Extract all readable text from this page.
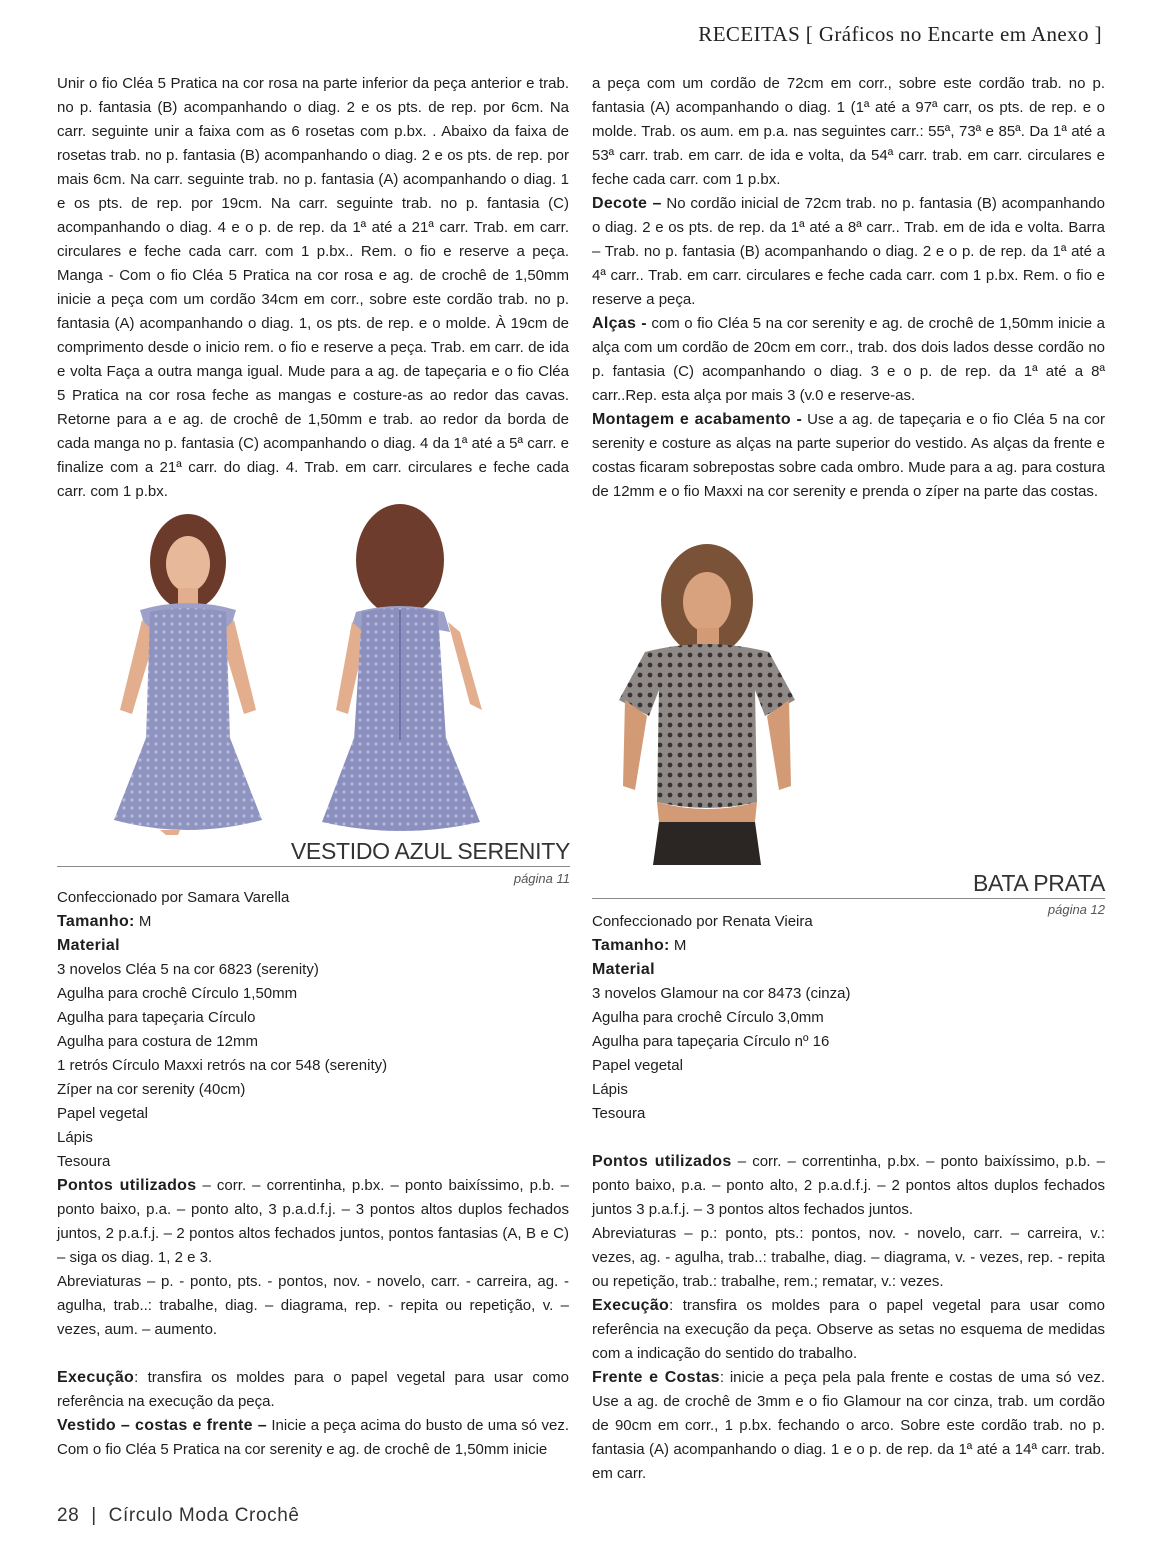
RECEITAS [ Gráficos no Encarte em Anexo ]

Unir o fio Cléa 5 Pratica na cor rosa na parte inferior da peça anterior e trab. no p. fantasia (B) acompanhando o diag. 2 e os pts. de rep. por 6cm. Na carr. seguinte unir a faixa com as 6 rosetas com p.bx. . Abaixo da faixa de rosetas trab. no p. fantasia (B) acompanhando o diag. 2 e os pts. de rep. por mais 6cm. Na carr. seguinte trab. no p. fantasia (A) acompanhando o diag. 1 e os pts. de rep. por 19cm. Na carr. seguinte trab. no p. fantasia (C) acompanhando o diag. 4 e o p. de rep. da 1ª até a 21ª carr. Trab. em carr. circulares e feche cada carr. com 1 p.bx.. Rem. o fio e reserve a peça. Manga - Com o fio Cléa 5 Pratica na cor rosa e ag. de crochê de 1,50mm inicie a peça com um cordão 34cm em corr., sobre este cordão trab. no p. fantasia (A) acompanhando o diag. 1, os pts. de rep. e o molde. À 19cm de comprimento desde o inicio rem. o fio e reserve a peça. Trab. em carr. de ida e volta Faça a outra manga igual. Mude para a ag. de tapeçaria e o fio Cléa 5 Pratica na cor rosa feche as mangas e costure-as ao redor das cavas. Retorne para a e ag. de crochê de 1,50mm e trab. ao redor da borda de cada manga no p. fantasia (C) acompanhando o diag. 4 da 1ª até a 5ª carr. e finalize com a 21ª carr. do diag. 4. Trab. em carr. circulares e feche cada carr. com 1 p.bx.

a peça com um cordão de 72cm em corr., sobre este cordão trab. no p. fantasia (A) acompanhando o diag. 1 (1ª até a 97ª carr, os pts. de rep. e o molde. Trab. os aum. em p.a. nas seguintes carr.: 55ª, 73ª e 85ª. Da 1ª até a 53ª carr. trab. em carr. de ida e volta, da 54ª carr. trab. em carr. circulares e feche cada carr. com 1 p.bx.

Decote – No cordão inicial de 72cm trab. no p. fantasia (B) acompanhando o diag. 2 e os pts. de rep. da 1ª até a 8ª carr.. Trab. em de ida e volta. Barra – Trab. no p. fantasia (B) acompanhando o diag. 2 e o p. de rep. da 1ª até a 4ª carr.. Trab. em carr. circulares e feche cada carr. com 1 p.bx. Rem. o fio e reserve a peça.

Alças - com o fio Cléa 5 na cor serenity e ag. de crochê de 1,50mm inicie a alça com um cordão de 20cm em corr., trab. dos dois lados desse cordão no p. fantasia (C) acompanhando o diag. 3 e o p. de rep. da 1ª até a 8ª carr..Rep. esta alça por mais 3 (v.0 e reserve-as.

Montagem e acabamento - Use a ag. de tapeçaria e o fio Cléa 5 na cor serenity e costure as alças na parte superior do vestido. As alças da frente e costas ficaram sobrepostas sobre cada ombro. Mude para a ag. para costura de 12mm e o fio Maxxi na cor serenity e prenda o zíper na parte das costas.

VESTIDO AZUL SERENITY
página 11	BATA PRATA
página 12

Confeccionado por Samara Varella

Tamanho: M

Material

3 novelos Cléa 5 na cor 6823 (serenity)

Agulha para crochê Círculo 1,50mm

Agulha para tapeçaria Círculo

Agulha para costura de 12mm

1 retrós Círculo Maxxi retrós na cor 548 (serenity)

Zíper na cor serenity (40cm)

Papel vegetal

Lápis

Tesoura

Pontos utilizados – corr. – correntinha, p.bx. – ponto baixíssimo, p.b. – ponto baixo, p.a. – ponto alto, 3 p.a.d.f.j. – 3 pontos altos duplos fechados juntos, 2 p.a.f.j. – 2 pontos altos fechados juntos, pontos fantasias (A, B e C) – siga os diag. 1, 2 e 3.

Abreviaturas – p. - ponto, pts. - pontos, nov. - novelo, carr. - carreira, ag. - agulha, trab..: trabalhe, diag. – diagrama, rep. - repita ou repetição, v. – vezes, aum. – aumento.

Execução: transfira os moldes para o papel vegetal para usar como referência na execução da peça.

Vestido – costas e frente – Inicie a peça acima do busto de uma só vez. Com o fio Cléa 5 Pratica na cor serenity e ag. de crochê de 1,50mm inicie

Confeccionado por Renata Vieira

Tamanho: M

Material

3 novelos Glamour na cor 8473 (cinza)

Agulha para crochê Círculo 3,0mm

Agulha para tapeçaria Círculo nº 16

Papel vegetal

Lápis

Tesoura

Pontos utilizados – corr. – correntinha, p.bx. – ponto baixíssimo, p.b. – ponto baixo, p.a. – ponto alto, 2 p.a.d.f.j. – 2 pontos altos duplos fechados juntos 3 p.a.f.j. – 3 pontos altos fechados juntos.

Abreviaturas – p.: ponto, pts.: pontos, nov. - novelo, carr. – carreira, v.: vezes, ag. - agulha, trab..: trabalhe, diag. – diagrama, v. - vezes, rep. - repita ou repetição, trab.: trabalhe, rem.; rematar, v.: vezes.

Execução: transfira os moldes para o papel vegetal para usar como referência na execução da peça. Observe as setas no esquema de medidas com a indicação do sentido do trabalho.

Frente e Costas: inicie a peça pela pala frente e costas de uma só vez. Use a ag. de crochê de 3mm e o fio Glamour na cor cinza, trab. um cordão de 90cm em corr., 1 p.bx. fechando o arco. Sobre este cordão trab. no p. fantasia (A) acompanhando o diag. 1 e o p. de rep. da 1ª até a 14ª carr. trab. em carr.

28 | Círculo Moda Crochê
